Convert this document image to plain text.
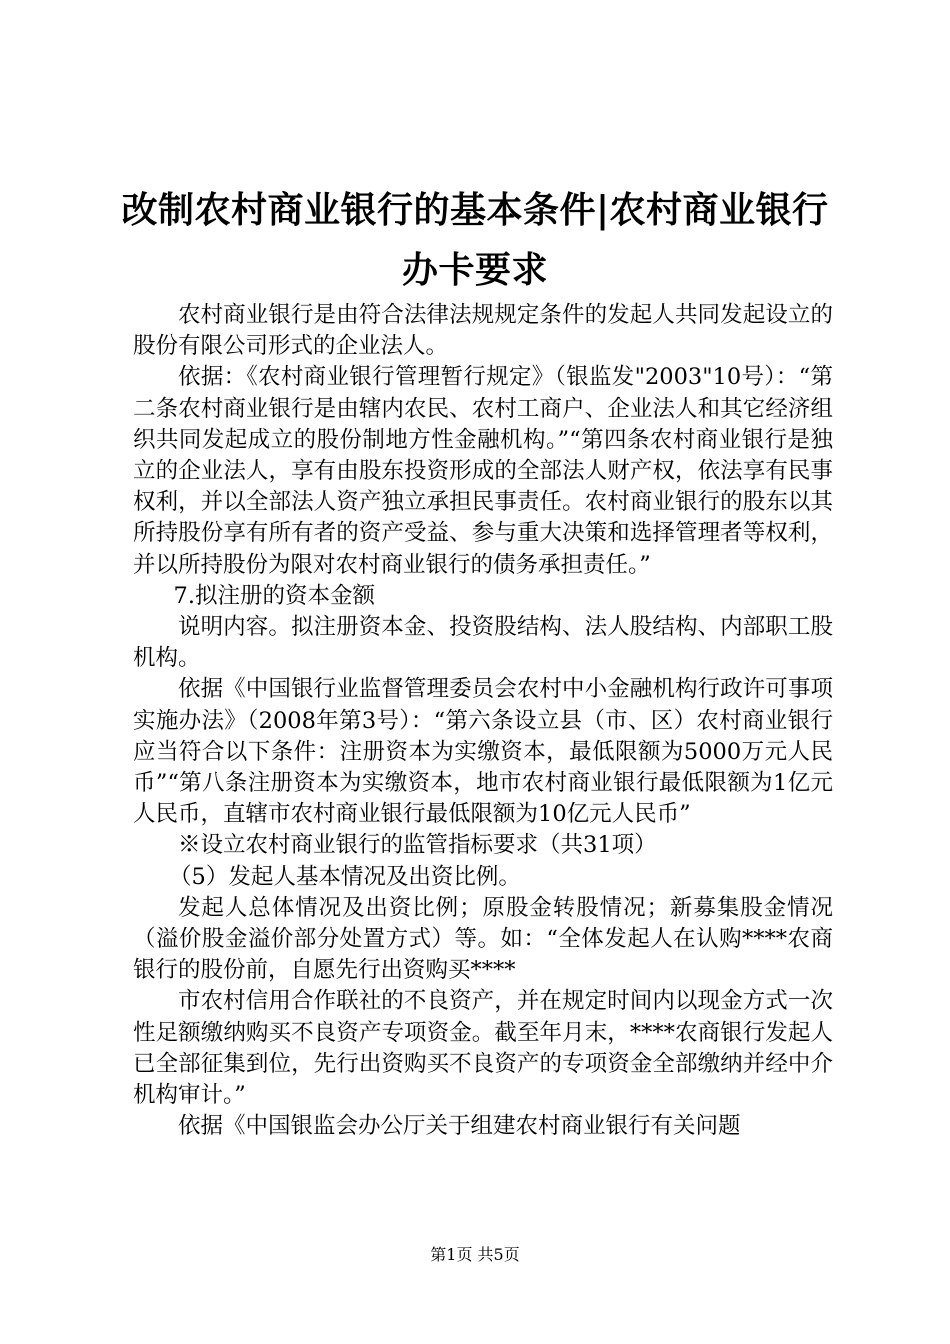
改制农村商业银行的基本条件|农村商业银行
办卡要求

农村商业银行是由符合法律法规规定条件的发起人共同发起设立的股份有限公司形式的企业法人。

依据：《农村商业银行管理暂行规定》（银监发"2003"10号）：“第二条农村商业银行是由辖内农民、农村工商户、企业法人和其它经济组织共同发起成立的股份制地方性金融机构。”“第四条农村商业银行是独立的企业法人，享有由股东投资形成的全部法人财产权，依法享有民事权利，并以全部法人资产独立承担民事责任。农村商业银行的股东以其所持股份享有所有者的资产受益、参与重大决策和选择管理者等权利，并以所持股份为限对农村商业银行的债务承担责任。”

7.拟注册的资本金额

说明内容。拟注册资本金、投资股结构、法人股结构、内部职工股机构。

依据《中国银行业监督管理委员会农村中小金融机构行政许可事项实施办法》（2008年第3号）：“第六条设立县（市、区）农村商业银行应当符合以下条件：注册资本为实缴资本，最低限额为5000万元人民币”“第八条注册资本为实缴资本，地市农村商业银行最低限额为1亿元人民币，直辖市农村商业银行最低限额为10亿元人民币”

※设立农村商业银行的监管指标要求（共31项）

（5）发起人基本情况及出资比例。

发起人总体情况及出资比例；原股金转股情况；新募集股金情况（溢价股金溢价部分处置方式）等。如：“全体发起人在认购****农商银行的股份前，自愿先行出资购买****

市农村信用合作联社的不良资产，并在规定时间内以现金方式一次性足额缴纳购买不良资产专项资金。截至年月末，****农商银行发起人已全部征集到位，先行出资购买不良资产的专项资金全部缴纳并经中介机构审计。”

依据《中国银监会办公厅关于组建农村商业银行有关问题

第1页 共5页
